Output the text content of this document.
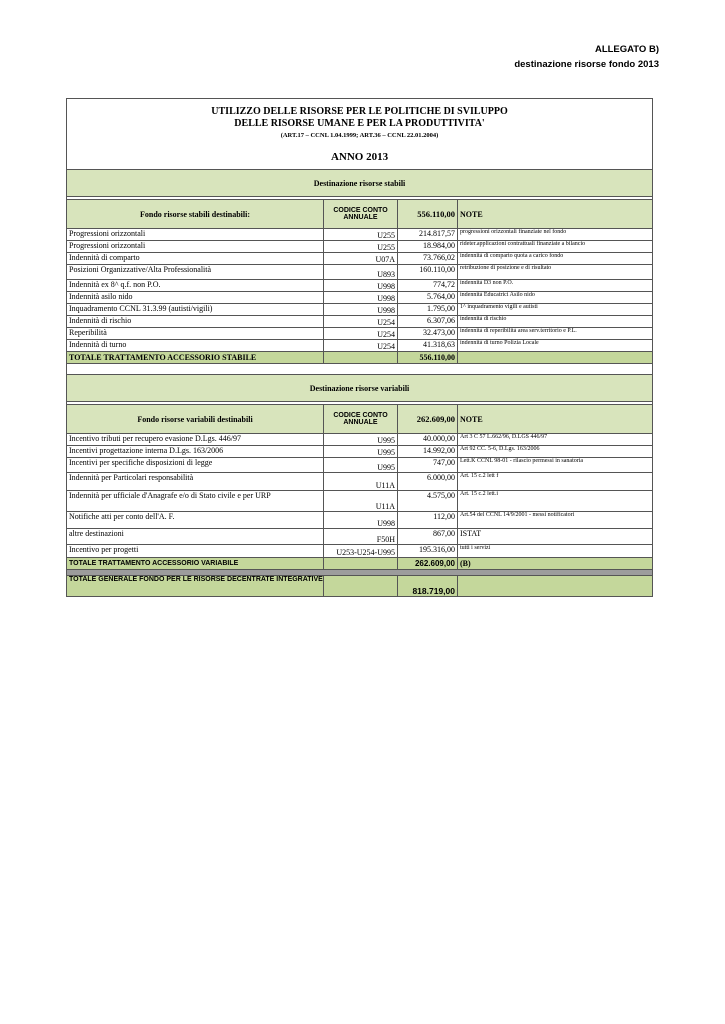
ALLEGATO B)
destinazione risorse fondo 2013
UTILIZZO DELLE RISORSE PER LE POLITICHE DI SVILUPPO
DELLE RISORSE UMANE E PER LA PRODUTTIVITA'
(ART.17 – CCNL 1.04.1999; ART.36 – CCNL 22.01.2004)
ANNO 2013			

Destinazione risorse stabili			

Fondo risorse stabili destinabili:	CODICE CONTO ANNUALE	556.110,00	NOTE
Progressioni orizzontali	U255	214.817,57	progressioni orizzontali finanziate nel fondo
Progressioni orizzontali	U255	18.984,00	rideter.applicazioni contrattuali finanziate a bilancio
Indennità di comparto	U07A	73.766,02	indennità di comparto quota a carico fondo
Posizioni Organizzative/Alta Professionalità	U893	160.110,00	retribuzione di posizione e di risultato
Indennità ex 8^ q.f. non P.O.	U998	774,72	indennità D3 non P.O.
Indennità asilo nido	U998	5.764,00	indennità Educatrici Asilo nido
Inquadramento CCNL 31.3.99 (autisti/vigili)	U998	1.795,00	1^ inquadramento vigili e autisti
Indennità di rischio	U254	6.307,06	indennità di rischio
Reperibilità	U254	32.473,00	indennità di reperibilità area serv.territorio e P.L.
Indennità di turno	U254	41.318,63	indennità di turno Polizia Locale
TOTALE TRATTAMENTO ACCESSORIO STABILE		556.110,00	

Destinazione risorse variabili			

Fondo risorse variabili destinabili	CODICE CONTO ANNUALE	262.609,00	NOTE
Incentivo tributi per recupero evasione D.Lgs. 446/97	U995	40.000,00	Art 3 C 57 L.662/96, D.LGS 446/97
Incentivi progettazione interna D.Lgs. 163/2006	U995	14.992,00	Art 92 CC. 5-6, D.Lgs. 163/2006
Incentivi per specifiche disposizioni di legge	U995	747,00	Lett.K CCNL 98-01 - rilascio permessi in sanatoria
Indennità per Particolari responsabilità	U11A	6.000,00	Art. 15 c.2 lett f
Indennità per ufficiale d'Anagrafe e/o di Stato civile e per URP	U11A	4.575,00	Art. 15 c.2 lett.i
Notifiche atti per conto dell'A. F.	U998	112,00	Art.54 del CCNL 14/9/2001 - messi notificatori
altre destinazioni	F50H	867,00	ISTAT
Incentivo per progetti	U253-U254-U995	195.316,00	tutti i servizi
TOTALE TRATTAMENTO ACCESSORIO VARIABILE		262.609,00	(B)

TOTALE GENERALE FONDO PER LE RISORSE DECENTRATE INTEGRATIVE		818.719,00	
